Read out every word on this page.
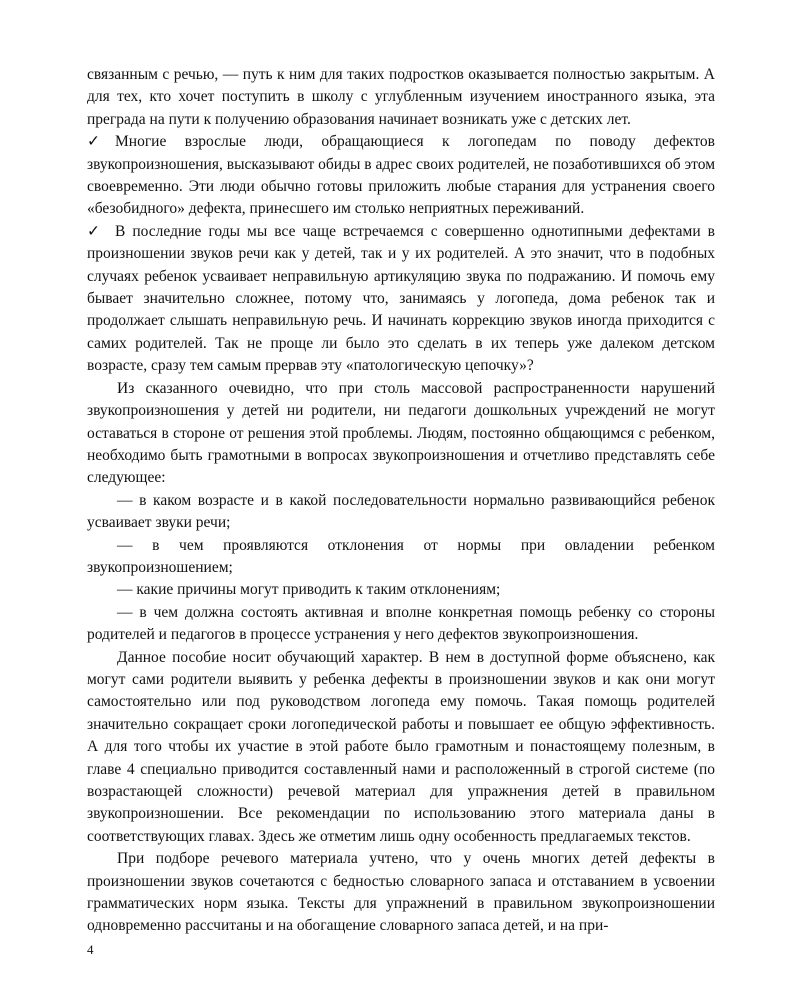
связанным с речью, — путь к ним для таких подростков оказывается полностью закрытым. А для тех, кто хочет поступить в школу с углубленным изучением иностранного языка, эта преграда на пути к получению образования начинает возникать уже с детских лет.

✓ Многие взрослые люди, обращающиеся к логопедам по поводу дефектов звукопроизношения, высказывают обиды в адрес своих родителей, не позаботившихся об этом своевременно. Эти люди обычно готовы приложить любые старания для устранения своего «безобидного» дефекта, принесшего им столько неприятных переживаний.

✓ В последние годы мы все чаще встречаемся с совершенно однотипными дефектами в произношении звуков речи как у детей, так и у их родителей. А это значит, что в подобных случаях ребенок усваивает неправильную артикуляцию звука по подражанию. И помочь ему бывает значительно сложнее, потому что, занимаясь у логопеда, дома ребенок так и продолжает слышать неправильную речь. И начинать коррекцию звуков иногда приходится с самих родителей. Так не проще ли было это сделать в их теперь уже далеком детском возрасте, сразу тем самым прервав эту «патологическую цепочку»?

Из сказанного очевидно, что при столь массовой распространенности нарушений звукопроизношения у детей ни родители, ни педагоги дошкольных учреждений не могут оставаться в стороне от решения этой проблемы. Людям, постоянно общающимся с ребенком, необходимо быть грамотными в вопросах звукопроизношения и отчетливо представлять себе следующее:

— в каком возрасте и в какой последовательности нормально развивающийся ребенок усваивает звуки речи;

— в чем проявляются отклонения от нормы при овладении ребенком звукопроизношением;

— какие причины могут приводить к таким отклонениям;

— в чем должна состоять активная и вполне конкретная помощь ребенку со стороны родителей и педагогов в процессе устранения у него дефектов звукопроизношения.

Данное пособие носит обучающий характер. В нем в доступной форме объяснено, как могут сами родители выявить у ребенка дефекты в произношении звуков и как они могут самостоятельно или под руководством логопеда ему помочь. Такая помощь родителей значительно сокращает сроки логопедической работы и повышает ее общую эффективность. А для того чтобы их участие в этой работе было грамотным и понастоящему полезным, в главе 4 специально приводится составленный нами и расположенный в строгой системе (по возрастающей сложности) речевой материал для упражнения детей в правильном звукопроизношении. Все рекомендации по использованию этого материала даны в соответствующих главах. Здесь же отметим лишь одну особенность предлагаемых текстов.

При подборе речевого материала учтено, что у очень многих детей дефекты в произношении звуков сочетаются с бедностью словарного запаса и отставанием в усвоении грамматических норм языка. Тексты для упражнений в правильном звукопроизношении одновременно рассчитаны и на обогащение словарного запаса детей, и на при-

4
